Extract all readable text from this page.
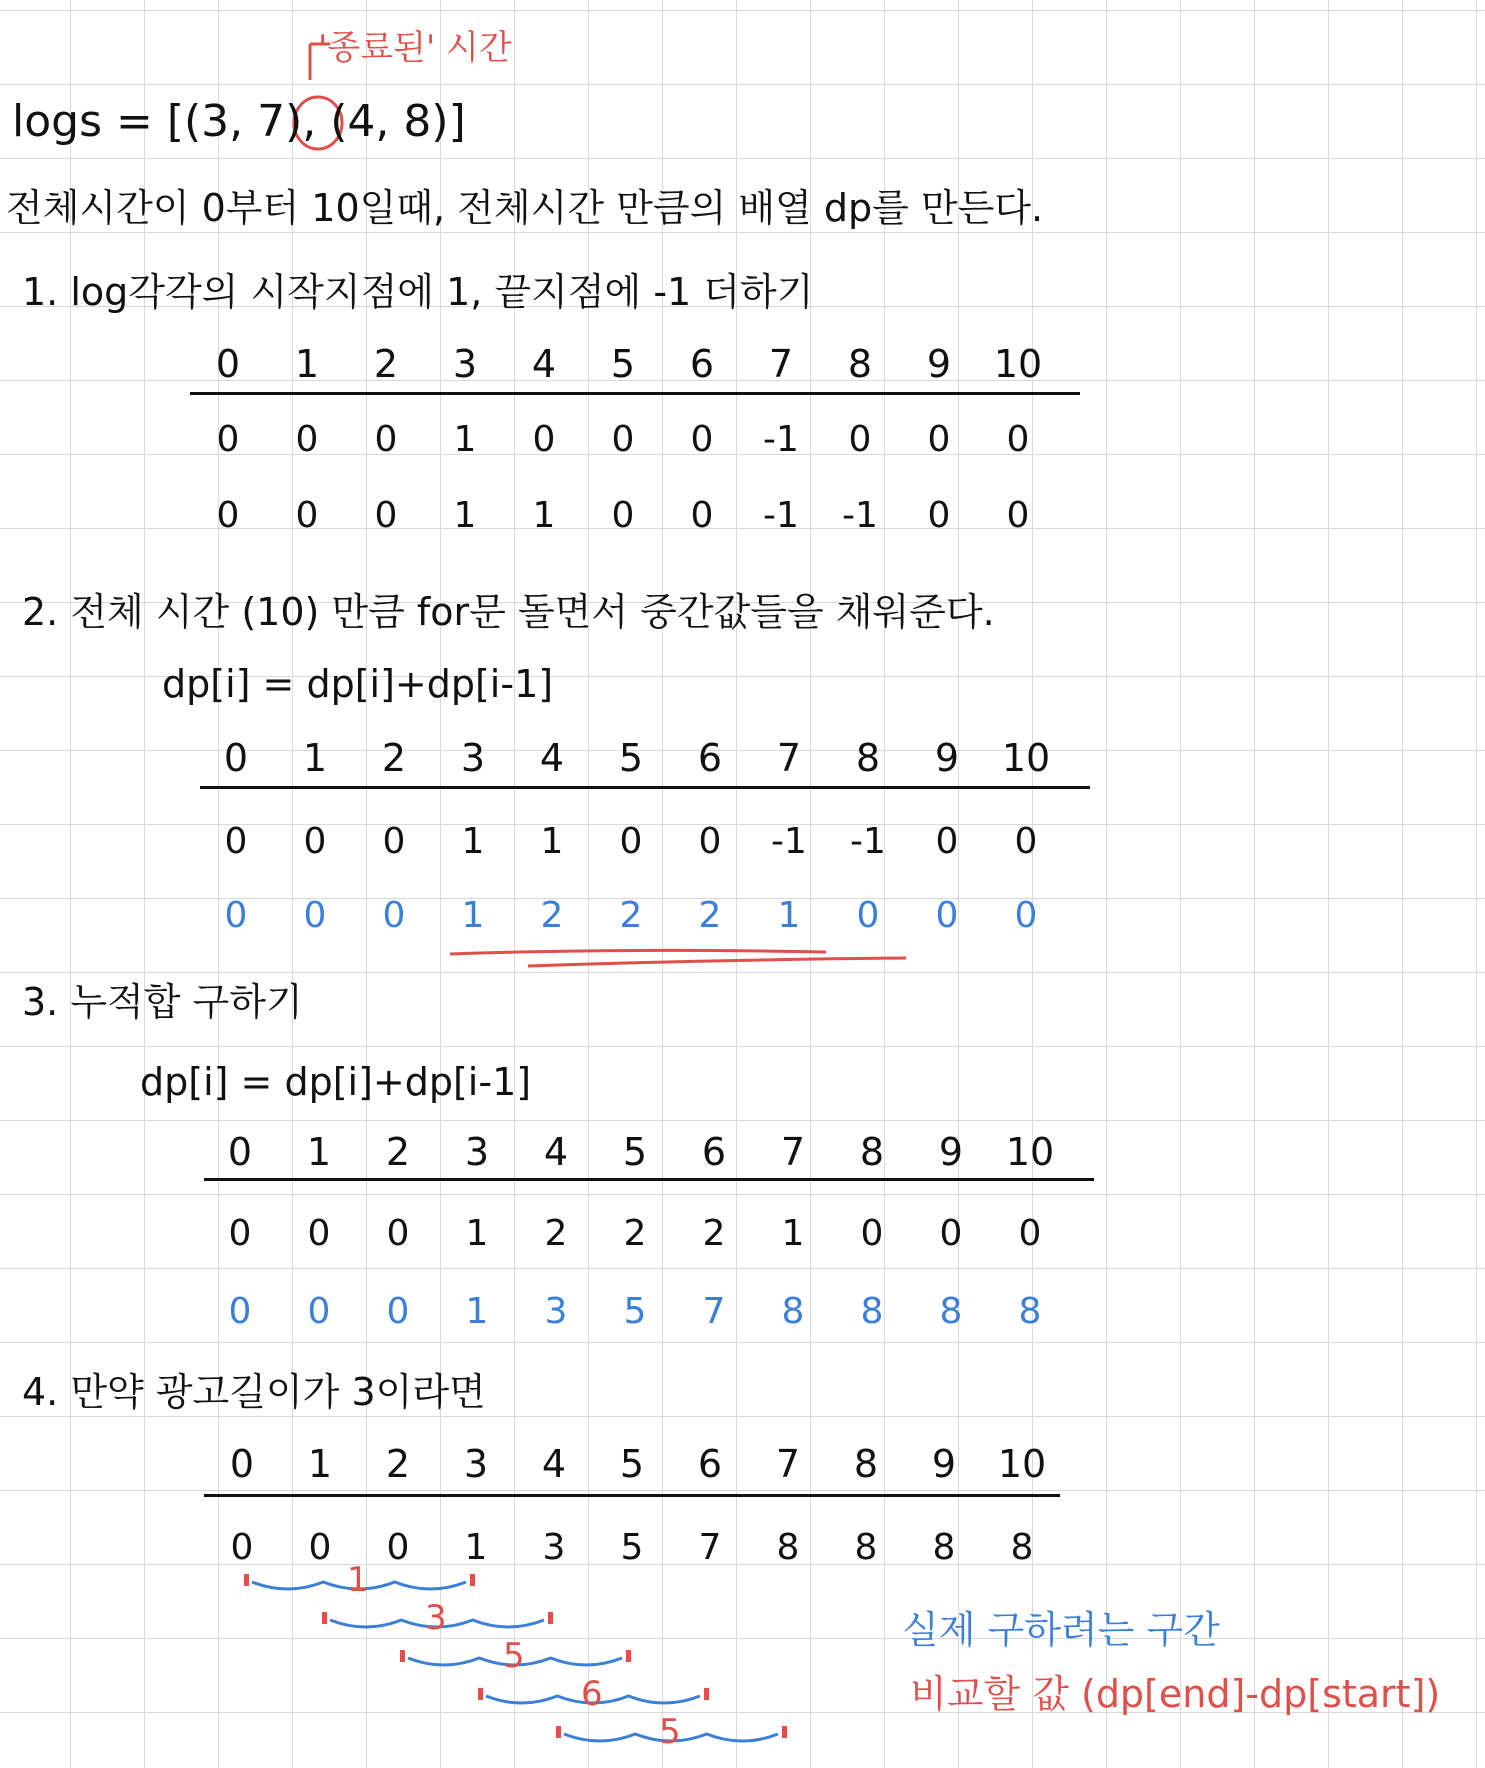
'종료된' 시간
logs = [(3, 7), (4, 8)]
전체시간이 0부터 10일때, 전체시간 만큼의 배열 dp를 만든다.
1. log각각의 시작지점에 1, 끝지점에 -1 더하기
0	1	2	3	4	5	6	7	8	9	10
0	0	0	1	0	0	0	-1	0	0	0
0	0	0	1	1	0	0	-1	-1	0	0
2. 전체 시간 (10) 만큼 for문 돌면서 중간값들을 채워준다.
dp[i] = dp[i]+dp[i-1]
0	1	2	3	4	5	6	7	8	9	10
0	0	0	1	1	0	0	-1	-1	0	0
0	0	0	1	2	2	2	1	0	0	0
3. 누적합 구하기
dp[i] = dp[i]+dp[i-1]
0	1	2	3	4	5	6	7	8	9	10
0	0	0	1	2	2	2	1	0	0	0
0	0	0	1	3	5	7	8	8	8	8
4. 만약 광고길이가 3이라면
0	1	2	3	4	5	6	7	8	9	10
0	0	0	1	3	5	7	8	8	8	8
1
3
5
6
5
실제 구하려는 구간
비교할 값 (dp[end]-dp[start])
